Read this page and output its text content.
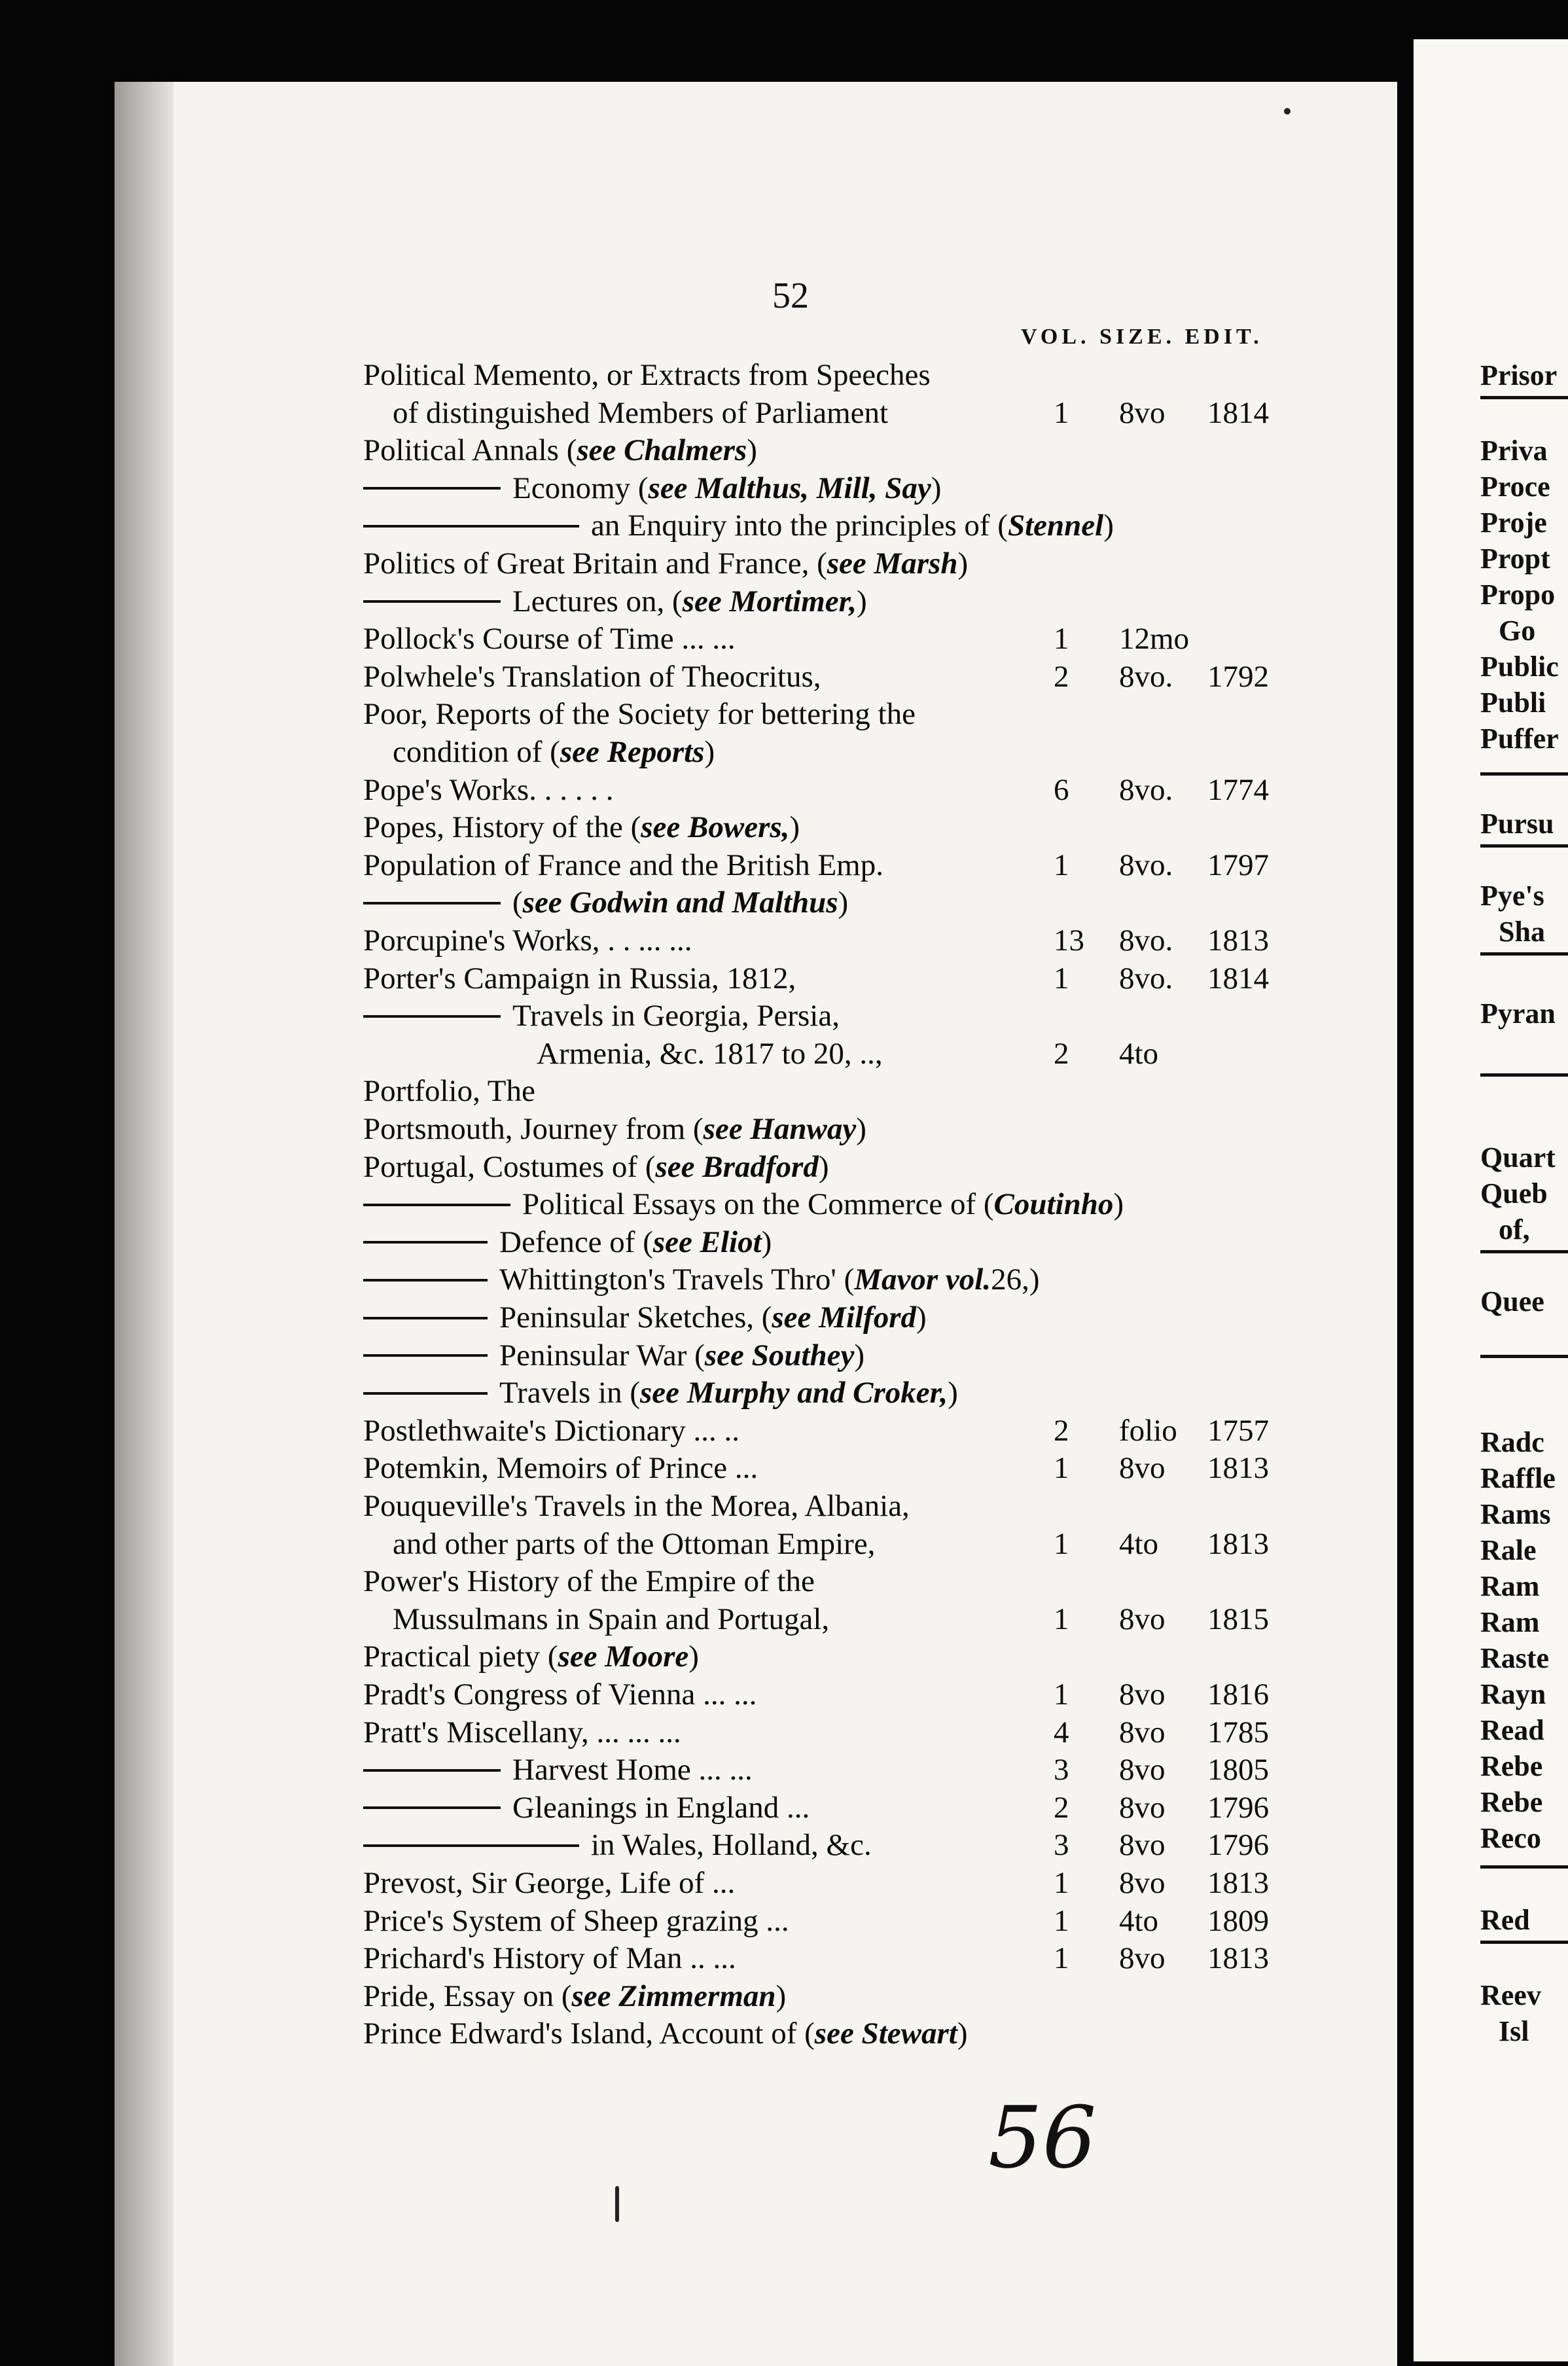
52
VOL. SIZE. EDIT.
Political Memento, or Extracts from Speeches
of distinguished Members of Parliament	1 8vo 1814
Political Annals ( see Chalmers )
Economy ( see Malthus, Mill, Say )
an Enquiry into the principles of ( Stennel )
Politics of Great Britain and France, ( see Marsh )
Lectures on, ( see Mortimer, )
Pollock's Course of Time ... ...	1 12mo
Polwhele's Translation of Theocritus,	2 8vo. 1792
Poor, Reports of the Society for bettering the
condition of ( see Reports )
Pope's Works. . . . . .	6 8vo. 1774
Popes, History of the ( see Bowers, )
Population of France and the British Emp.	1 8vo. 1797
( see Godwin and Malthus )
Porcupine's Works, . . ... ...	13 8vo. 1813
Porter's Campaign in Russia, 1812,	1 8vo. 1814
Travels in Georgia, Persia,
Armenia, &c. 1817 to 20, ..,	2 4to
Portfolio, The
Portsmouth, Journey from ( see Hanway )
Portugal, Costumes of ( see Bradford )
Political Essays on the Commerce of ( Coutinho )
Defence of ( see Eliot )
Whittington's Travels Thro' ( Mavor vol. 26,)
Peninsular Sketches, ( see Milford )
Peninsular War ( see Southey )
Travels in ( see Murphy and Croker, )
Postlethwaite's Dictionary ... ..	2 folio 1757
Potemkin, Memoirs of Prince ...	1 8vo 1813
Pouqueville's Travels in the Morea, Albania,
and other parts of the Ottoman Empire,	1 4to 1813
Power's History of the Empire of the
Mussulmans in Spain and Portugal,	1 8vo 1815
Practical piety ( see Moore )
Pradt's Congress of Vienna ... ...	1 8vo 1816
Pratt's Miscellany, ... ... ...	4 8vo 1785
Harvest Home ... ...	3 8vo 1805
Gleanings in England ...	2 8vo 1796
in Wales, Holland, &c.	3 8vo 1796
Prevost, Sir George, Life of ...	1 8vo 1813
Price's System of Sheep grazing ...	1 4to 1809
Prichard's History of Man .. ...	1 8vo 1813
Pride, Essay on ( see Zimmerman )
Prince Edward's Island, Account of ( see Stewart )
Prisor
Priva
Proce
Proje
Propt
Propo
Go
Public
Publi
Puffer
Pursu
Pye's
Sha
Pyran
Quart
Queb
of,
Quee
Radc
Raffle
Rams
Rale
Ram
Ram
Raste
Rayn
Read
Rebe
Rebe
Reco
Red
Reev
Isl
56
